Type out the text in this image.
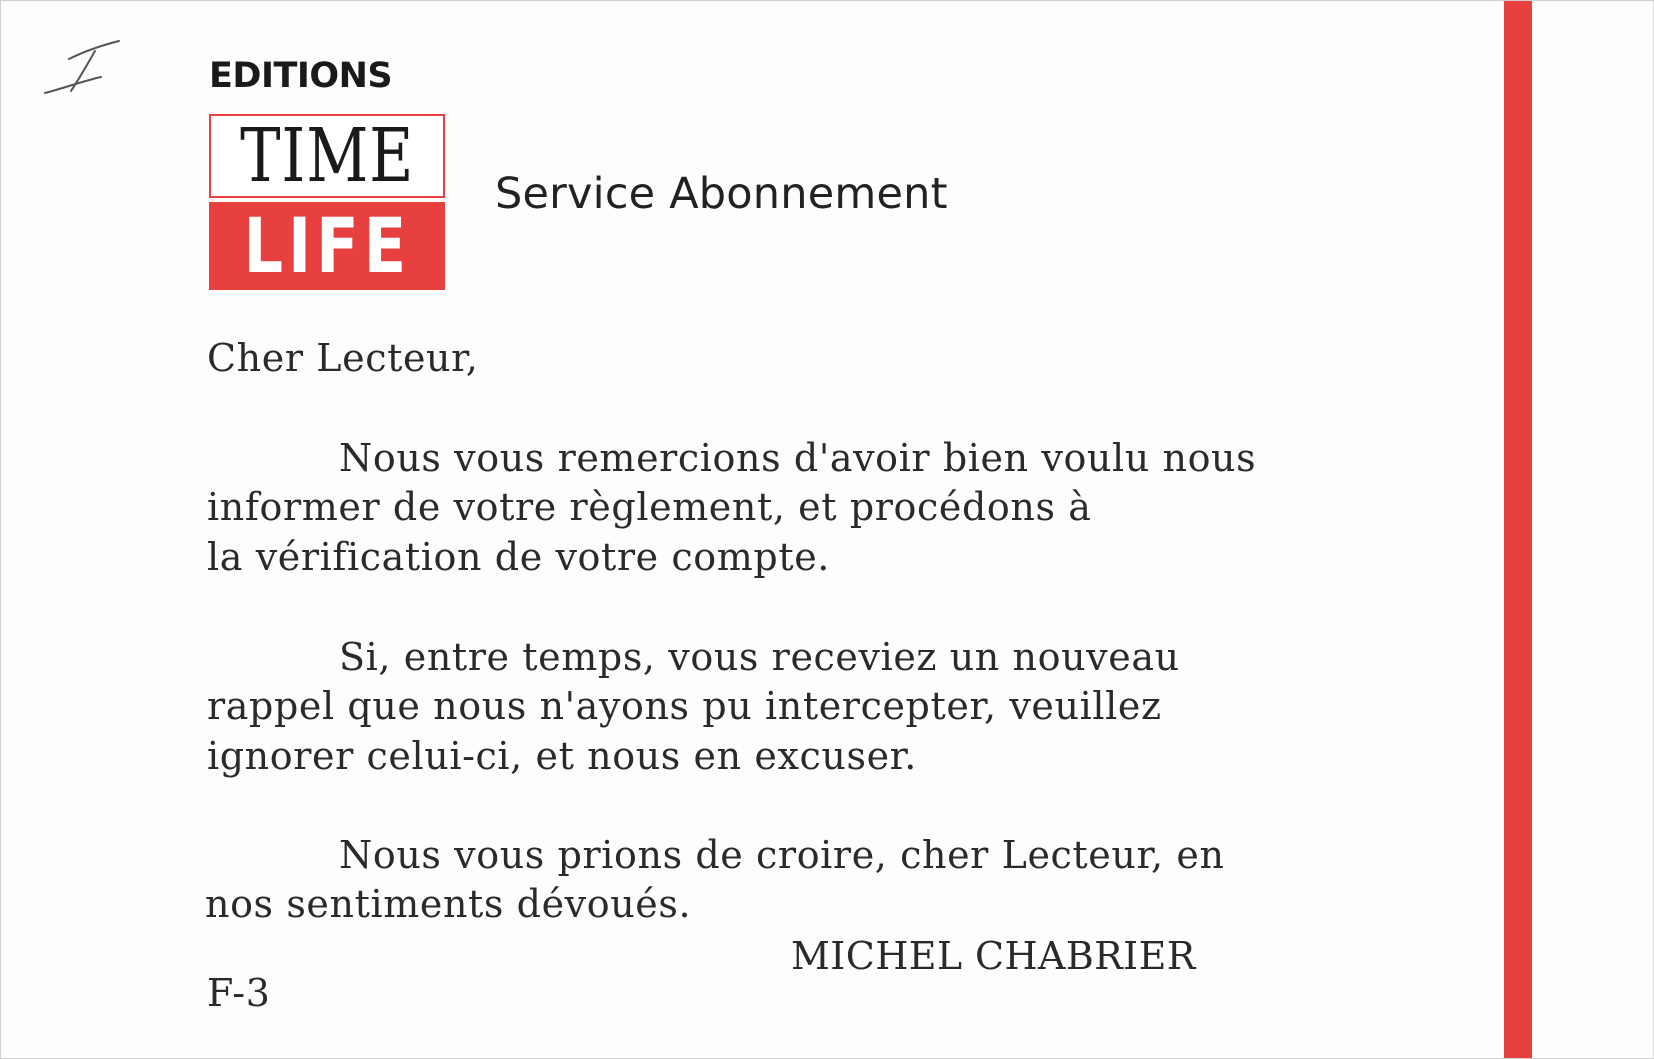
EDITIONS
TIME
LIFE
Service Abonnement
Cher Lecteur,
Nous vous remercions d'avoir bien voulu nous
informer de votre règlement, et procédons à
la vérification de votre compte.
Si, entre temps, vous receviez un nouveau
rappel que nous n'ayons pu intercepter, veuillez
ignorer celui-ci, et nous en excuser.
Nous vous prions de croire, cher Lecteur, en
nos sentiments dévoués.
MICHEL CHABRIER
F-3
